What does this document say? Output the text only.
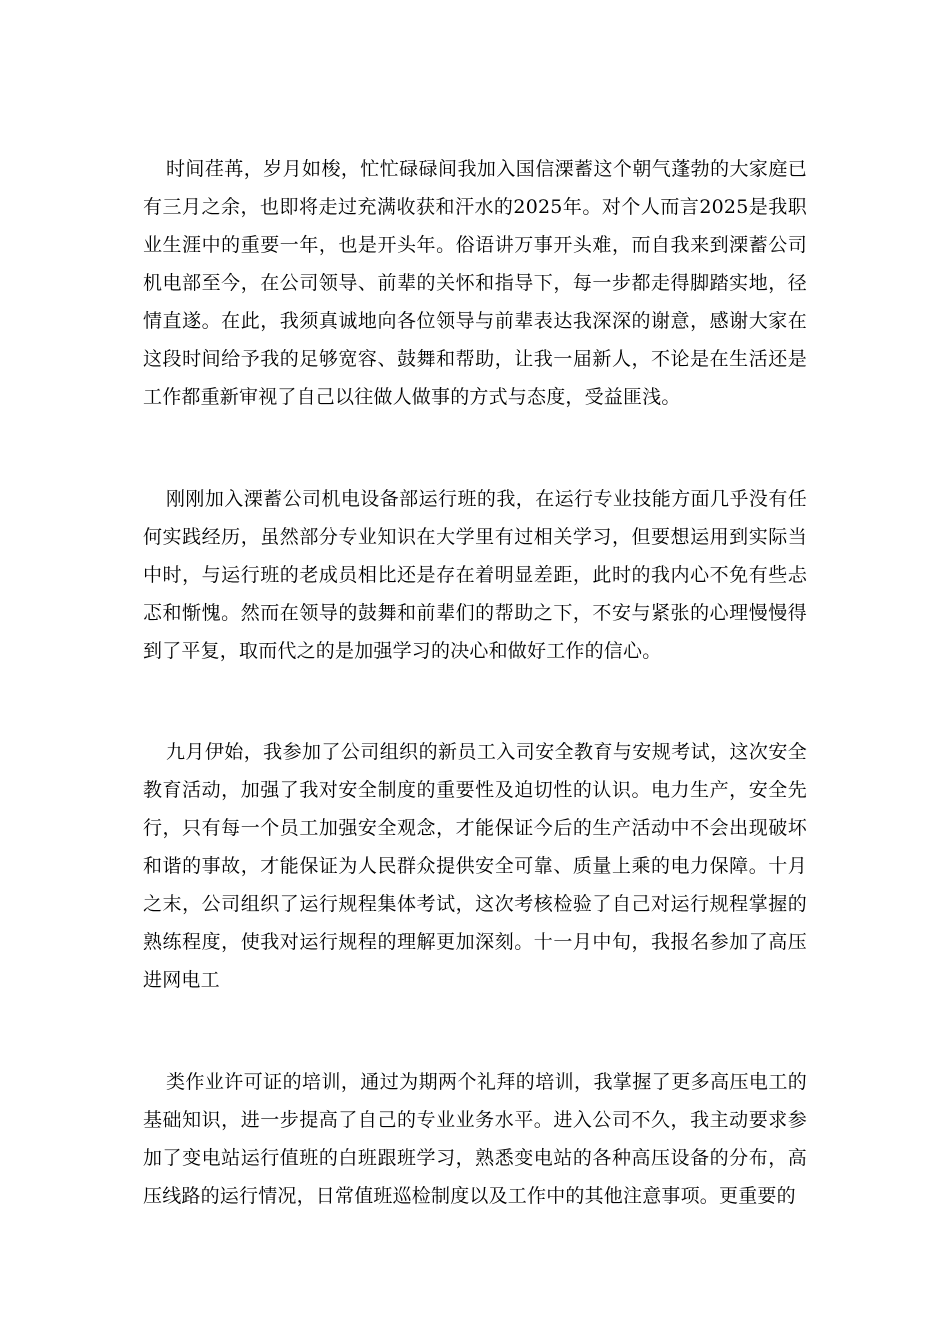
时间荏苒，岁月如梭，忙忙碌碌间我加入国信溧蓄这个朝气蓬勃的大家庭已有三月之余，也即将走过充满收获和汗水的2025年。对个人而言2025是我职业生涯中的重要一年，也是开头年。俗语讲万事开头难，而自我来到溧蓄公司机电部至今，在公司领导、前辈的关怀和指导下，每一步都走得脚踏实地，径情直遂。在此，我须真诚地向各位领导与前辈表达我深深的谢意，感谢大家在这段时间给予我的足够宽容、鼓舞和帮助，让我一届新人，不论是在生活还是工作都重新审视了自己以往做人做事的方式与态度，受益匪浅。

刚刚加入溧蓄公司机电设备部运行班的我，在运行专业技能方面几乎没有任何实践经历，虽然部分专业知识在大学里有过相关学习，但要想运用到实际当中时，与运行班的老成员相比还是存在着明显差距，此时的我内心不免有些忐忑和惭愧。然而在领导的鼓舞和前辈们的帮助之下，不安与紧张的心理慢慢得到了平复，取而代之的是加强学习的决心和做好工作的信心。

九月伊始，我参加了公司组织的新员工入司安全教育与安规考试，这次安全教育活动，加强了我对安全制度的重要性及迫切性的认识。电力生产，安全先行，只有每一个员工加强安全观念，才能保证今后的生产活动中不会出现破坏和谐的事故，才能保证为人民群众提供安全可靠、质量上乘的电力保障。十月之末，公司组织了运行规程集体考试，这次考核检验了自己对运行规程掌握的熟练程度，使我对运行规程的理解更加深刻。十一月中旬，我报名参加了高压进网电工

类作业许可证的培训，通过为期两个礼拜的培训，我掌握了更多高压电工的基础知识，进一步提高了自己的专业业务水平。进入公司不久，我主动要求参加了变电站运行值班的白班跟班学习，熟悉变电站的各种高压设备的分布，高压线路的运行情况，日常值班巡检制度以及工作中的其他注意事项。更重要的
